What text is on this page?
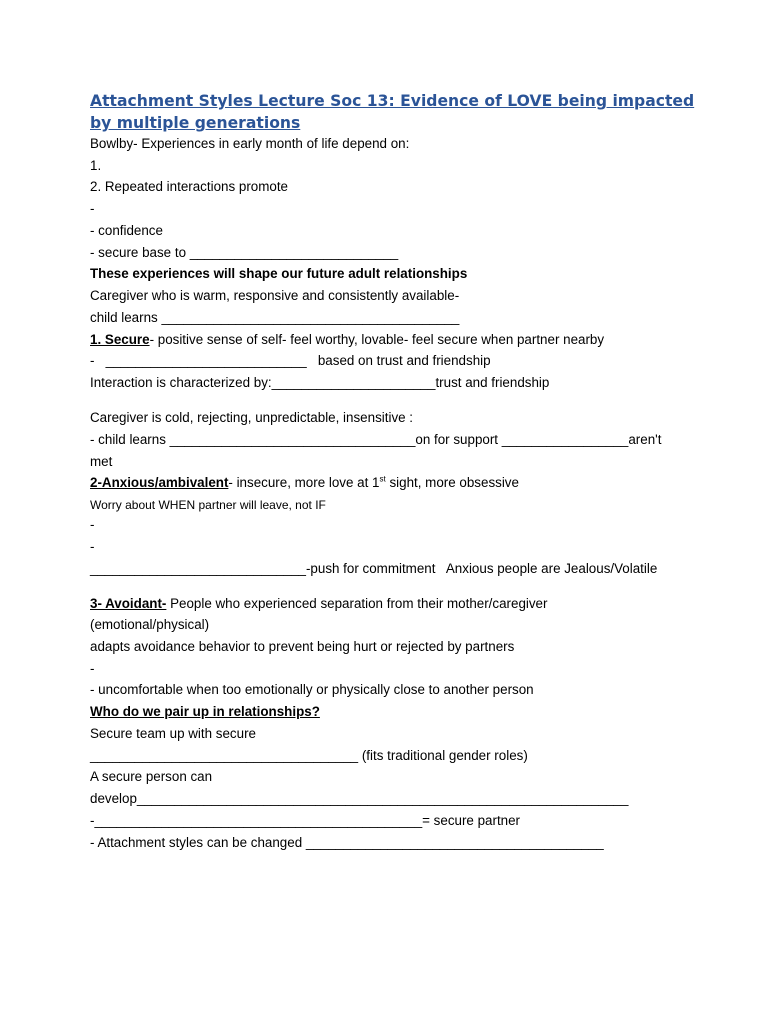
Attachment Styles Lecture Soc 13: Evidence of LOVE being impacted
by multiple generations
Bowlby- Experiences in early month of life depend on:
1.
2. Repeated interactions promote
-
- confidence
- secure base to ____________________________
These experiences will shape our future adult relationships
Caregiver who is warm, responsive and consistently available-
child learns ________________________________________
1. Secure- positive sense of self- feel worthy, lovable- feel secure when partner nearby
-   ___________________________   based on trust and friendship
Interaction is characterized by:______________________trust and friendship
Caregiver is cold, rejecting, unpredictable, insensitive :
- child learns _________________________________on for support _________________aren't
met
2-Anxious/ambivalent- insecure, more love at 1st sight, more obsessive
Worry about WHEN partner will leave, not IF
-
-
_____________________________-push for commitment   Anxious people are Jealous/Volatile
3- Avoidant- People who experienced separation from their mother/caregiver
(emotional/physical)
adapts avoidance behavior to prevent being hurt or rejected by partners
-
- uncomfortable when too emotionally or physically close to another person
Who do we pair up in relationships?
Secure team up with secure
____________________________________ (fits traditional gender roles)
A secure person can
develop__________________________________________________________________
-____________________________________________= secure partner
- Attachment styles can be changed ________________________________________
